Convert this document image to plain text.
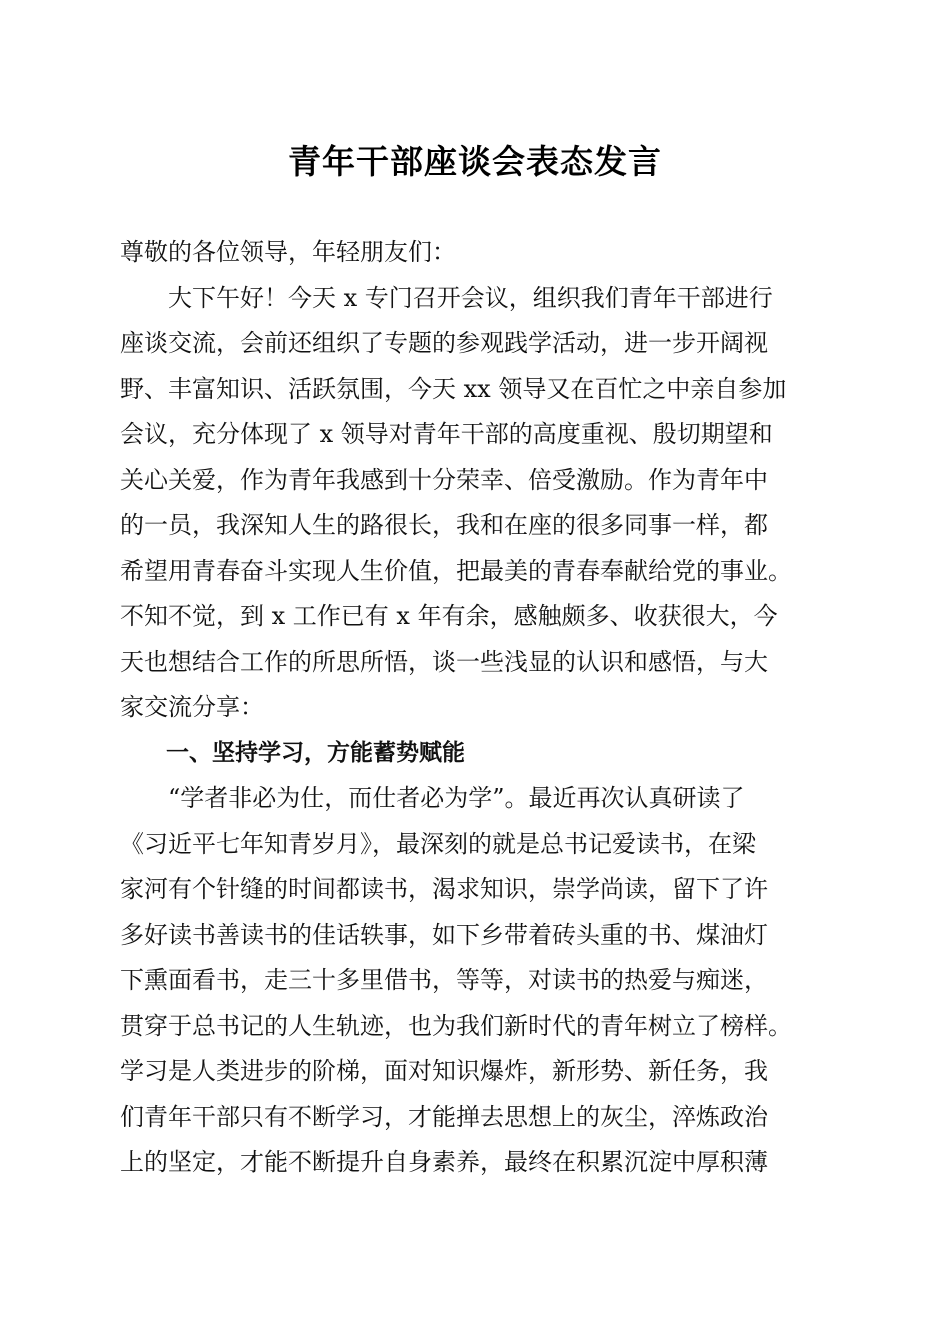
青年干部座谈会表态发言
尊敬的各位领导，年轻朋友们：
　　大下午好！今天 x 专门召开会议，组织我们青年干部进行
座谈交流，会前还组织了专题的参观践学活动，进一步开阔视
野、丰富知识、活跃氛围，今天 xx 领导又在百忙之中亲自参加
会议，充分体现了 x 领导对青年干部的高度重视、殷切期望和
关心关爱，作为青年我感到十分荣幸、倍受激励。作为青年中
的一员，我深知人生的路很长，我和在座的很多同事一样，都
希望用青春奋斗实现人生价值，把最美的青春奉献给党的事业。
不知不觉，到 x 工作已有 x 年有余，感触颇多、收获很大，今
天也想结合工作的所思所悟，谈一些浅显的认识和感悟，与大
家交流分享：
　　一、坚持学习，方能蓄势赋能
　　“学者非必为仕，而仕者必为学”。最近再次认真研读了
《习近平七年知青岁月》，最深刻的就是总书记爱读书，在梁
家河有个针缝的时间都读书，渴求知识，崇学尚读，留下了许
多好读书善读书的佳话轶事，如下乡带着砖头重的书、煤油灯
下熏面看书，走三十多里借书，等等，对读书的热爱与痴迷，
贯穿于总书记的人生轨迹，也为我们新时代的青年树立了榜样。
学习是人类进步的阶梯，面对知识爆炸，新形势、新任务，我
们青年干部只有不断学习，才能掸去思想上的灰尘，淬炼政治
上的坚定，才能不断提升自身素养，最终在积累沉淀中厚积薄
